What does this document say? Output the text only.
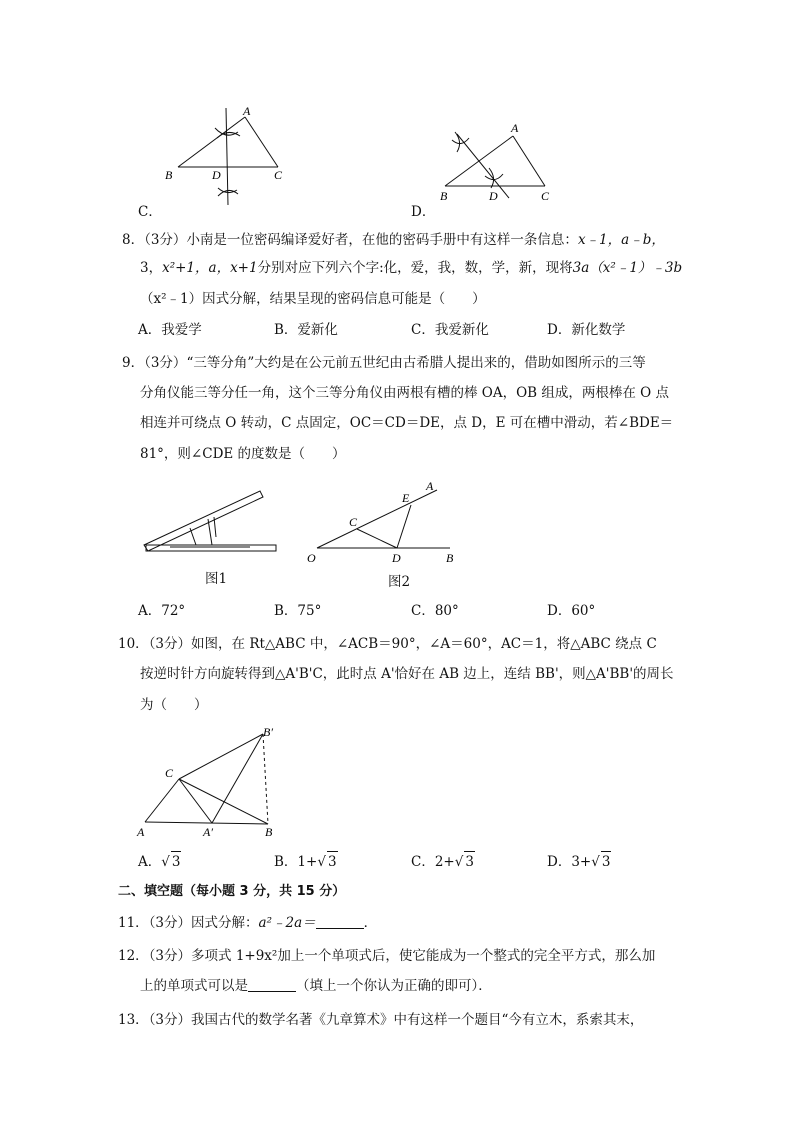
C．
A
B	D	C
D．
A
B	D	C
8．（3分）小南是一位密码编译爱好者，在他的密码手册中有这样一条信息：x﹣1，a﹣b，
3，x²+1，a，x+1分别对应下列六个字:化，爱，我，数，学，新，现将3a（x²﹣1）﹣3b
（x²﹣1）因式分解，结果呈现的密码信息可能是（　　）
A．我爱学	B．爱新化	C．我爱新化	D．新化数学
9．（3分）“三等分角”大约是在公元前五世纪由古希腊人提出来的，借助如图所示的三等
分角仪能三等分任一角，这个三等分角仪由两根有槽的棒 OA，OB 组成，两根棒在 O 点
相连并可绕点 O 转动，C 点固定，OC＝CD＝DE，点 D，E 可在槽中滑动，若∠BDE＝
81°，则∠CDE 的度数是（　　）
图1
O
C
D	B
E
A
图2
A．72°	B．75°	C．80°	D．60°
10．（3分）如图，在 Rt△ABC 中，∠ACB＝90°，∠A＝60°，AC＝1，将△ABC 绕点 C
按逆时针方向旋转得到△A'B'C，此时点 A'恰好在 AB 边上，连结 BB'，则△A'BB'的周长
为（　　）
A	A′	B
B′
C
A．√ 3	B．1+√ 3	C．2+√ 3	D．3+√ 3
二、填空题（每小题 3 分，共 15 分）
11．（3分）因式分解：a²﹣2a＝	．
12．（3分）多项式 1+9x²加上一个单项式后，使它能成为一个整式的完全平方式，那么加
上的单项式可以是	（填上一个你认为正确的即可）．
13．（3分）我国古代的数学名著《九章算术》中有这样一个题目“今有立木，系索其末，
